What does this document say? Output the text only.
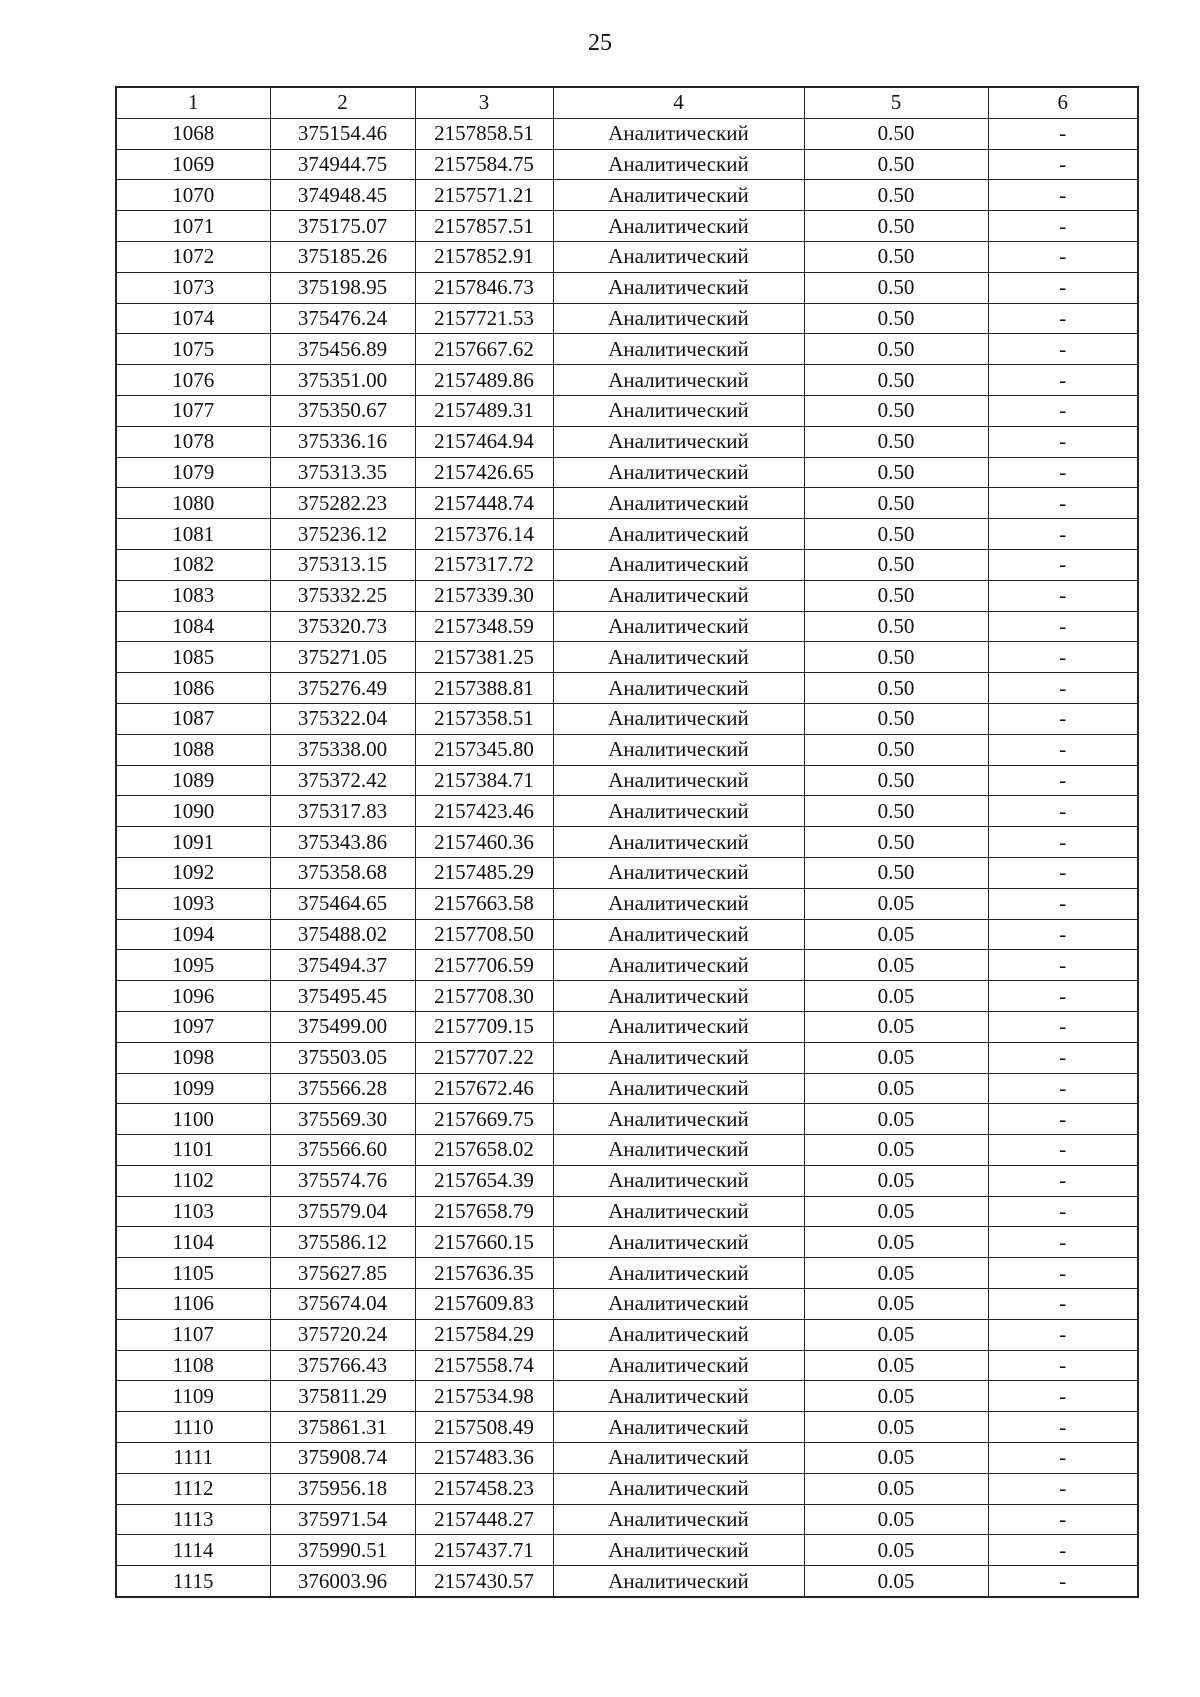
25
1	2	3	4	5	6
1068	375154.46	2157858.51	Аналитический	0.50	-
1069	374944.75	2157584.75	Аналитический	0.50	-
1070	374948.45	2157571.21	Аналитический	0.50	-
1071	375175.07	2157857.51	Аналитический	0.50	-
1072	375185.26	2157852.91	Аналитический	0.50	-
1073	375198.95	2157846.73	Аналитический	0.50	-
1074	375476.24	2157721.53	Аналитический	0.50	-
1075	375456.89	2157667.62	Аналитический	0.50	-
1076	375351.00	2157489.86	Аналитический	0.50	-
1077	375350.67	2157489.31	Аналитический	0.50	-
1078	375336.16	2157464.94	Аналитический	0.50	-
1079	375313.35	2157426.65	Аналитический	0.50	-
1080	375282.23	2157448.74	Аналитический	0.50	-
1081	375236.12	2157376.14	Аналитический	0.50	-
1082	375313.15	2157317.72	Аналитический	0.50	-
1083	375332.25	2157339.30	Аналитический	0.50	-
1084	375320.73	2157348.59	Аналитический	0.50	-
1085	375271.05	2157381.25	Аналитический	0.50	-
1086	375276.49	2157388.81	Аналитический	0.50	-
1087	375322.04	2157358.51	Аналитический	0.50	-
1088	375338.00	2157345.80	Аналитический	0.50	-
1089	375372.42	2157384.71	Аналитический	0.50	-
1090	375317.83	2157423.46	Аналитический	0.50	-
1091	375343.86	2157460.36	Аналитический	0.50	-
1092	375358.68	2157485.29	Аналитический	0.50	-
1093	375464.65	2157663.58	Аналитический	0.05	-
1094	375488.02	2157708.50	Аналитический	0.05	-
1095	375494.37	2157706.59	Аналитический	0.05	-
1096	375495.45	2157708.30	Аналитический	0.05	-
1097	375499.00	2157709.15	Аналитический	0.05	-
1098	375503.05	2157707.22	Аналитический	0.05	-
1099	375566.28	2157672.46	Аналитический	0.05	-
1100	375569.30	2157669.75	Аналитический	0.05	-
1101	375566.60	2157658.02	Аналитический	0.05	-
1102	375574.76	2157654.39	Аналитический	0.05	-
1103	375579.04	2157658.79	Аналитический	0.05	-
1104	375586.12	2157660.15	Аналитический	0.05	-
1105	375627.85	2157636.35	Аналитический	0.05	-
1106	375674.04	2157609.83	Аналитический	0.05	-
1107	375720.24	2157584.29	Аналитический	0.05	-
1108	375766.43	2157558.74	Аналитический	0.05	-
1109	375811.29	2157534.98	Аналитический	0.05	-
1110	375861.31	2157508.49	Аналитический	0.05	-
1111	375908.74	2157483.36	Аналитический	0.05	-
1112	375956.18	2157458.23	Аналитический	0.05	-
1113	375971.54	2157448.27	Аналитический	0.05	-
1114	375990.51	2157437.71	Аналитический	0.05	-
1115	376003.96	2157430.57	Аналитический	0.05	-
